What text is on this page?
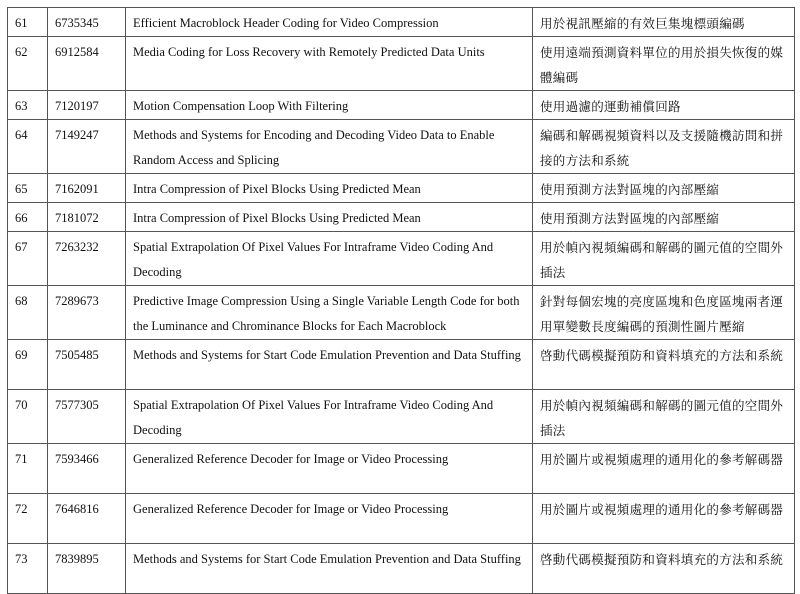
61	6735345	Efficient Macroblock Header Coding for Video Compression	用於視訊壓縮的有效巨集塊標頭編碼
62	6912584	Media Coding for Loss Recovery with Remotely Predicted Data Units	使用遠端預測資料單位的用於損失恢復的媒體編碼
63	7120197	Motion Compensation Loop With Filtering	使用過濾的運動補償回路
64	7149247	Methods and Systems for Encoding and Decoding Video Data to Enable Random Access and Splicing	編碼和解碼視頻資料以及支援隨機訪問和拼接的方法和系統
65	7162091	Intra Compression of Pixel Blocks Using Predicted Mean	使用預測方法對區塊的內部壓縮
66	7181072	Intra Compression of Pixel Blocks Using Predicted Mean	使用預測方法對區塊的內部壓縮
67	7263232	Spatial Extrapolation Of Pixel Values For Intraframe Video Coding And Decoding	用於幀內視頻編碼和解碼的圖元值的空間外插法
68	7289673	Predictive Image Compression Using a Single Variable Length Code for both the Luminance and Chrominance Blocks for Each Macroblock	針對每個宏塊的亮度區塊和色度區塊兩者運用單變數長度編碼的預測性圖片壓縮
69	7505485	Methods and Systems for Start Code Emulation Prevention and Data Stuffing	啓動代碼模擬預防和資料填充的方法和系統
70	7577305	Spatial Extrapolation Of Pixel Values For Intraframe Video Coding And Decoding	用於幀內視頻編碼和解碼的圖元值的空間外插法
71	7593466	Generalized Reference Decoder for Image or Video Processing	用於圖片或視頻處理的通用化的參考解碼器
72	7646816	Generalized Reference Decoder for Image or Video Processing	用於圖片或視頻處理的通用化的參考解碼器
73	7839895	Methods and Systems for Start Code Emulation Prevention and Data Stuffing	啓動代碼模擬預防和資料填充的方法和系統
